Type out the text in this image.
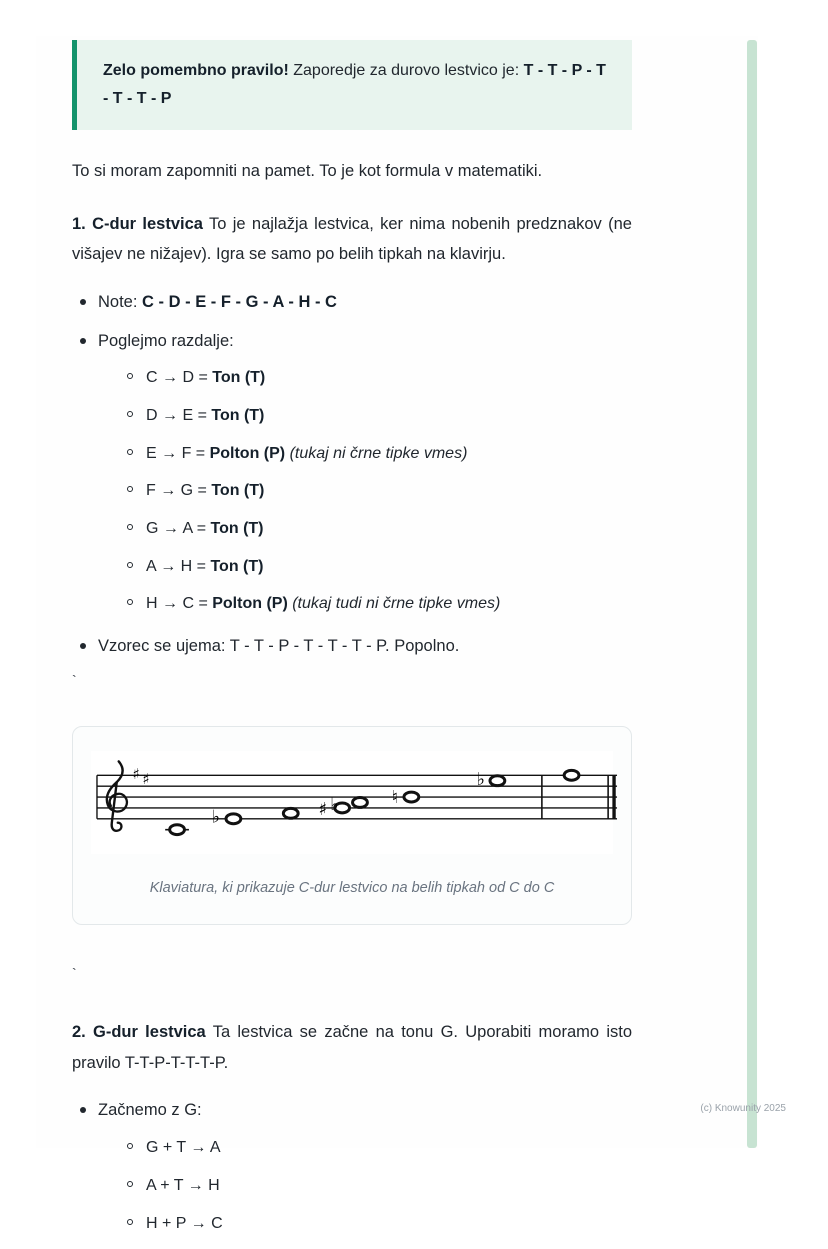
Zelo pomembno pravilo! Zaporedje za durovo lestvico je: T - T - P - T - T - T - P

To si moram zapomniti na pamet. To je kot formula v matematiki.

1. C-dur lestvica To je najlažja lestvica, ker nima nobenih predznakov (ne višajev ne nižajev). Igra se samo po belih tipkah na klavirju.

Note: C - D - E - F - G - A - H - C
Poglejmo razdalje:
C → D = Ton (T)
D → E = Ton (T)
E → F = Polton (P) (tukaj ni črne tipke vmes)
F → G = Ton (T)
G → A = Ton (T)
A → H = Ton (T)
H → C = Polton (P) (tukaj tudi ni črne tipke vmes)
Vzorec se ujema: T - T - P - T - T - T - P. Popolno.

`

♯ ♯
♭	♯ ♭	♮
♭
Klaviatura, ki prikazuje C-dur lestvico na belih tipkah od C do C

`

2. G-dur lestvica Ta lestvica se začne na tonu G. Uporabiti moramo isto pravilo T-T-P-T-T-T-P.

Začnemo z G:
G + T → A
A + T → H
H + P → C
(c) Knowunity 2025
